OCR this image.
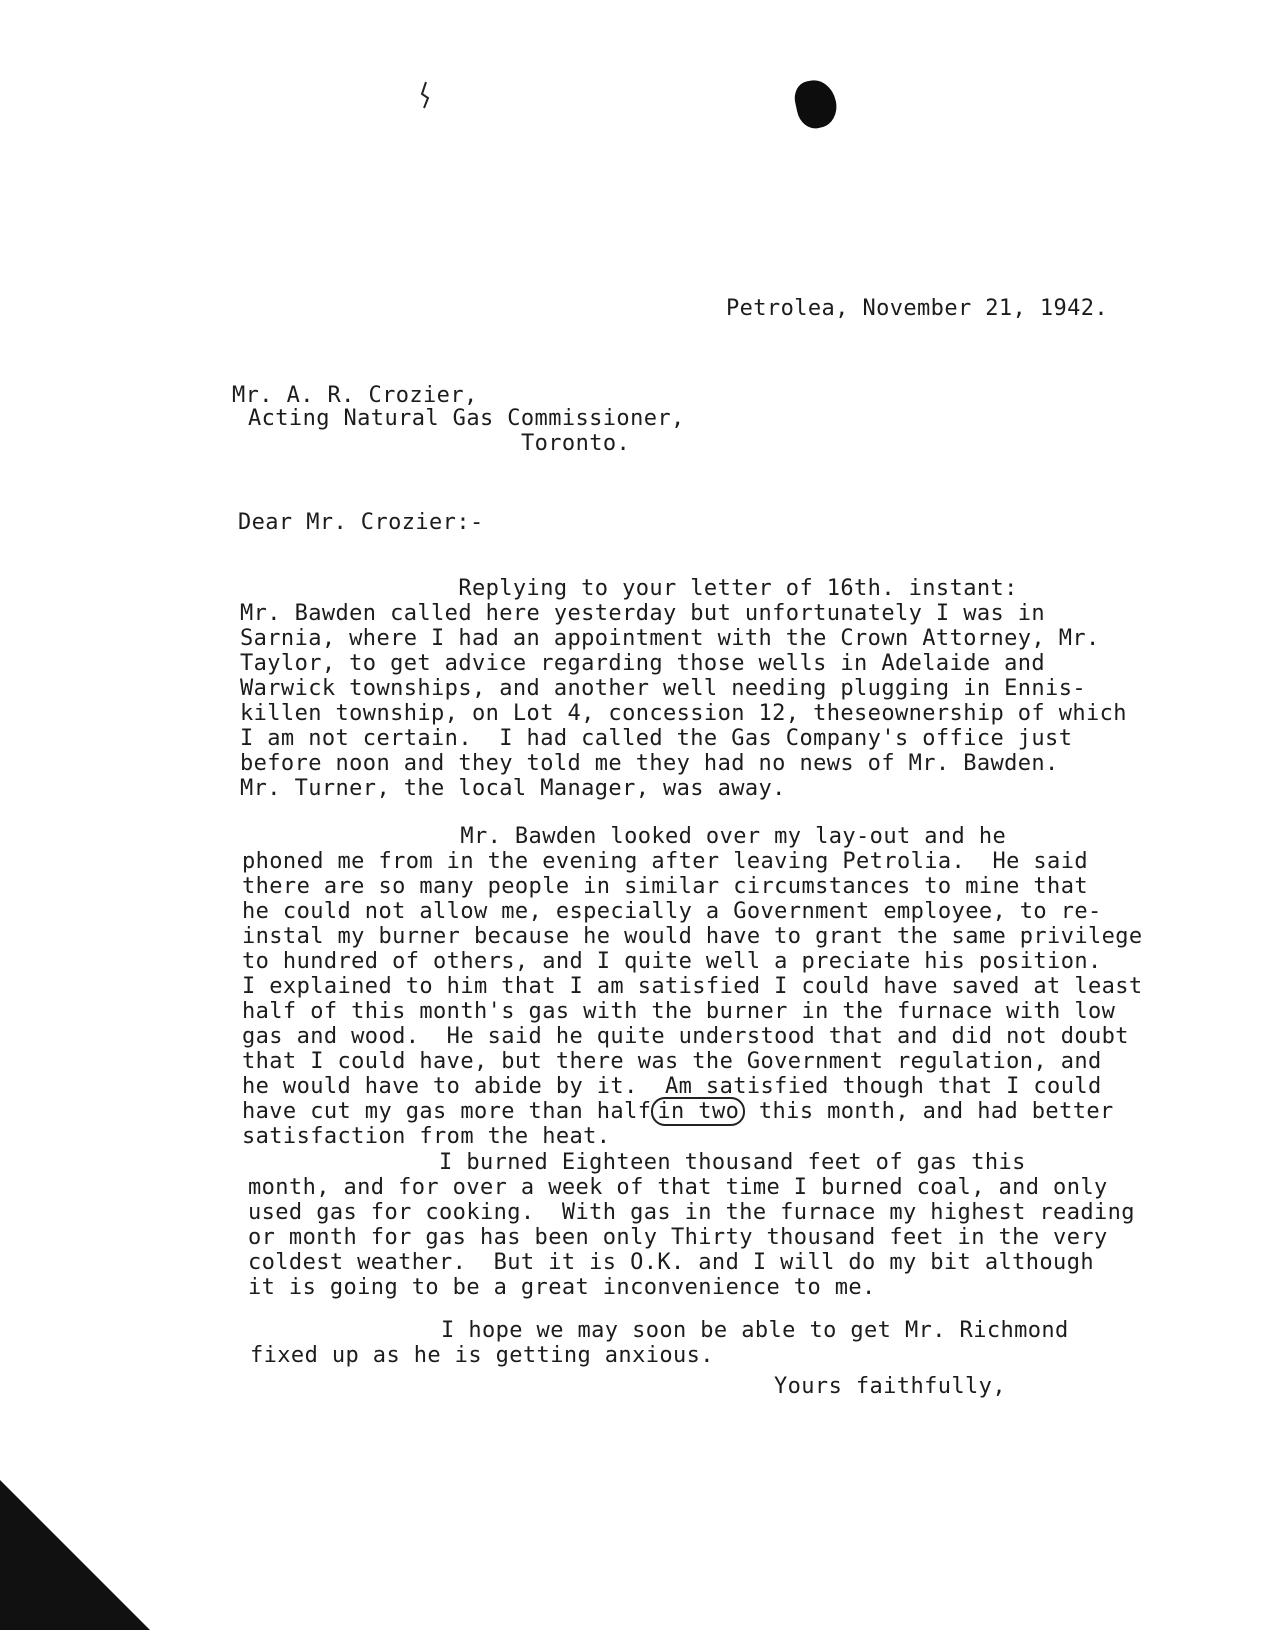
Petrolea, November 21, 1942.

Mr. A. R. Crozier,

Acting Natural Gas Commissioner,

Toronto.

Dear Mr. Crozier:-

Replying to your letter of 16th. instant:
Mr. Bawden called here yesterday but unfortunately I was in
Sarnia, where I had an appointment with the Crown Attorney, Mr.
Taylor, to get advice regarding those wells in Adelaide and
Warwick townships, and another well needing plugging in Ennis-
killen township, on Lot 4, concession 12, theseownership of which
I am not certain.  I had called the Gas Company's office just
before noon and they told me they had no news of Mr. Bawden.
Mr. Turner, the local Manager, was away.
Mr. Bawden looked over my lay-out and he
phoned me from in the evening after leaving Petrolia.  He said
there are so many people in similar circumstances to mine that
he could not allow me, especially a Government employee, to re-
instal my burner because he would have to grant the same privilege
to hundred of others, and I quite well a preciate his position.
I explained to him that I am satisfied I could have saved at least
half of this month's gas with the burner in the furnace with low
gas and wood.  He said he quite understood that and did not doubt
that I could have, but there was the Government regulation, and
he would have to abide by it.  Am satisfied though that I could
have cut my gas more than half in two this month, and had better
satisfaction from the heat.
I burned Eighteen thousand feet of gas this
month, and for over a week of that time I burned coal, and only
used gas for cooking.  With gas in the furnace my highest reading
or month for gas has been only Thirty thousand feet in the very
coldest weather.  But it is O.K. and I will do my bit although
it is going to be a great inconvenience to me.
I hope we may soon be able to get Mr. Richmond
fixed up as he is getting anxious.

Yours faithfully,
